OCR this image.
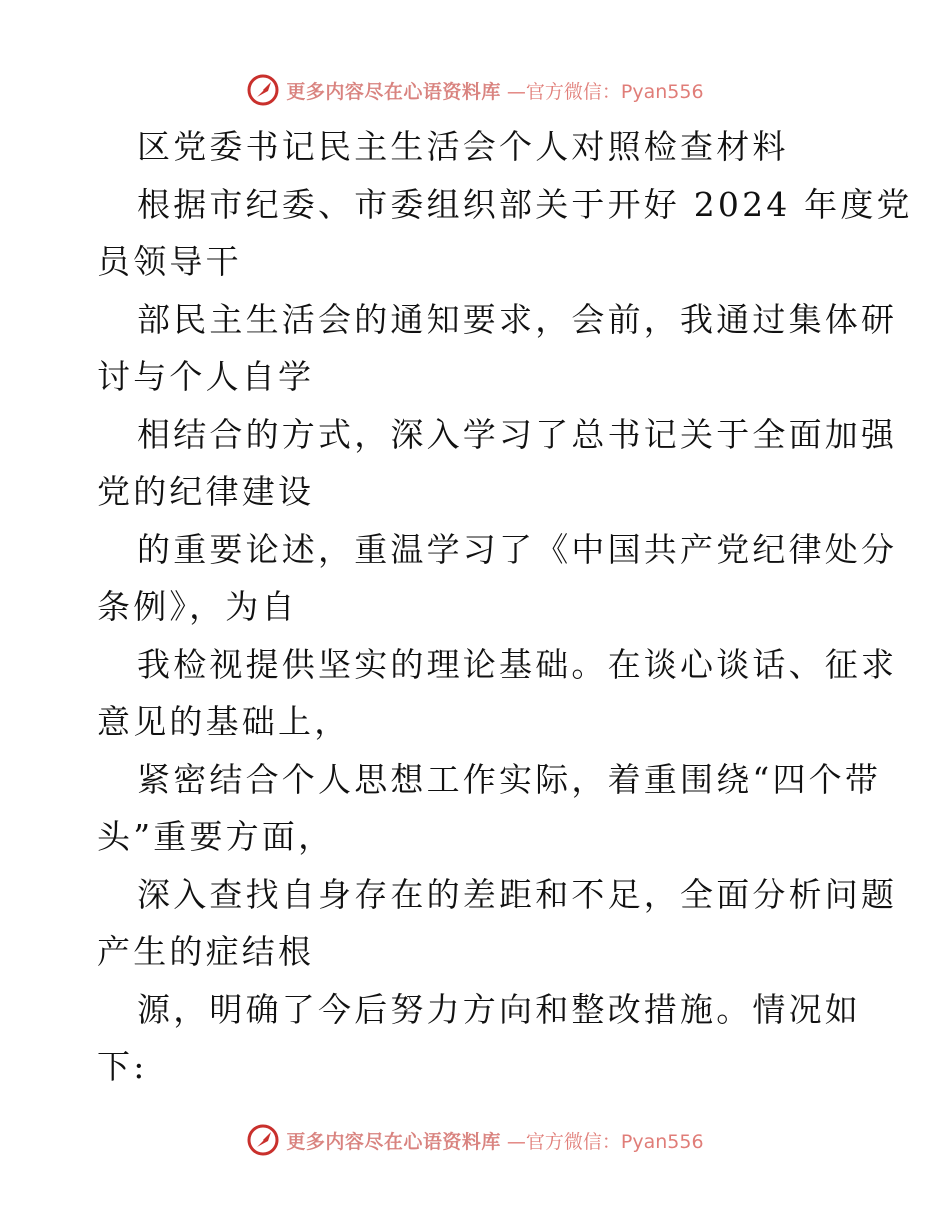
更多内容尽在心语资料库 —官方微信：Pyan556
区党委书记民主生活会个人对照检查材料
根据市纪委、市委组织部关于开好 2024 年度党
员领导干
部民主生活会的通知要求，会前，我通过集体研
讨与个人自学
相结合的方式，深入学习了总书记关于全面加强
党的纪律建设
的重要论述，重温学习了《中国共产党纪律处分
条例》，为自
我检视提供坚实的理论基础。在谈心谈话、征求
意见的基础上，
紧密结合个人思想工作实际，着重围绕“四个带
头”重要方面，
深入查找自身存在的差距和不足，全面分析问题
产生的症结根
源，明确了今后努力方向和整改措施。情况如
下:
更多内容尽在心语资料库 —官方微信：Pyan556
